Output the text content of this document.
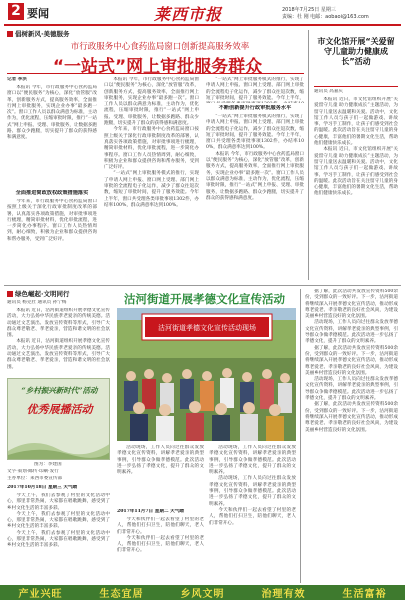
2 要闻	莱西市报	2018年7月25日 星期三
责编：杜 刚 电邮：aobaoi@163.com
倡树新风·美德服务
市行政服务中心食药监局窗口创新提高服务效率
“一站式”网上审批服务群众
记者 李洪

本报讯 今年，市行政服务中心食药监局窗口以“便民服务”为核心，深化“放管服”改革，创新服务方式，提高服务效率，全面推行网上审批服务，实现企业办事“最多跑一次”。窗口工作人员以群众满意为标准，主动作为，优化流程，压缩审批时限，推行“一站式”网上申报、受理、审批服务，让数据多跑路、群众少跑腿，切实提升了群众的获得感和满意度。

全面推进简政放权政策措施落实

今年来，市行政服务中心食药监局窗口按照上级关于深化行政审批制度改革的部署，认真落实各项政策措施，对审批事项进行梳理，精简审批材料，优化审批流程，进一步简化办事程序。窗口工作人员热情周到，耐心细致，积极为企业和群众提供咨询和帮办服务，受到广泛好评。

本报讯 今年，市行政服务中心食药监局窗口以“便民服务”为核心，深化“放管服”改革，创新服务方式，提高服务效率，全面推行网上审批服务，实现企业办事“最多跑一次”。窗口工作人员以群众满意为标准，主动作为，优化流程，压缩审批时限，推行“一站式”网上申报、受理、审批服务，让数据多跑路、群众少跑腿，切实提升了群众的获得感和满意度。

今年来，市行政服务中心食药监局窗口按照上级关于深化行政审批制度改革的部署，认真落实各项政策措施，对审批事项进行梳理，精简审批材料，优化审批流程，进一步简化办事程序。窗口工作人员热情周到，耐心细致，积极为企业和群众提供咨询和帮办服务，受到广泛好评。

“一站式”网上审批服务模式的推行，实现了申请人网上申报、窗口网上受理、部门网上审批的全流程电子化运作，减少了群众往返次数，缩短了审批时间，提升了服务效能。今年上半年，窗口共受理各类审批事项1302件，办结率100%，群众满意率达到100%。

“一站式”网上审批服务模式的推行，实现了申请人网上申报、窗口网上受理、部门网上审批的全流程电子化运作，减少了群众往返次数，缩短了审批时间，提升了服务效能。今年上半年，

不断创新提升行政审批服务水平

“一站式”网上审批服务模式的推行，实现了申请人网上申报、窗口网上受理、部门网上审批的全流程电子化运作，减少了群众往返次数，缩短了审批时间，提升了服务效能。今年上半年，窗口共受理各类审批事项1302件，办结率100%，群众满意率达到100%。

本报讯 今年，市行政服务中心食药监局窗口以“便民服务”为核心，深化“放管服”改革，创新服务方式，提高服务效率，全面推行网上审批服务，实现企业办事“最多跑一次”。窗口工作人员以群众满意为标准，主动作为，优化流程，压缩审批时限，推行“一站式”网上申报、受理、审批服务，让数据多跑路、群众少跑腿，切实提升了群众的获得感和满意度。

市文化馆开展“关爱留守儿童助力健康成长”活动
通讯员 高嘉庆

本报讯 近日，市文化馆组织开展“关爱留守儿童 助力健康成长”主题活动，为留守儿童送去温暖和关爱。活动中，文化馆工作人员与孩子们一起做游戏、讲故事、学习手工制作，让孩子们感受到社会的温暖。此次活动旨在关注留守儿童的身心健康，丰富他们的暑期文化生活，帮助他们健康快乐成长。

本报讯 近日，市文化馆组织开展“关爱留守儿童 助力健康成长”主题活动，为留守儿童送去温暖和关爱。活动中，文化馆工作人员与孩子们一起做游戏、讲故事、学习手工制作，让孩子们感受到社会的温暖。此次活动旨在关注留守儿童的身心健康，丰富他们的暑期文化生活，帮助他们健康快乐成长。

绿色崛起·文明同行
通讯员 杨克社 通讯员 孙宁梅

本报讯 近日，沽河街道组织开展孝德文化宣传活动，大力弘扬中华民族孝老爱亲的传统美德。活动通过文艺演出、发放宣传资料等形式，引导广大群众尊老敬老、孝老爱亲，营造和谐文明的社会氛围。

本报讯 近日，沽河街道组织开展孝德文化宣传活动，大力弘扬中华民族孝老爱亲的传统美德。活动通过文艺演出、发放宣传资料等形式，引导广大群众尊老敬老、孝老爱亲，营造和谐文明的社会氛围。

“乡村振兴新时代”活动
优秀展播活动
图为：李建国
文字·策划·邮传·印刷·发行
主办单位：莱西市委宣传部
2017年10月18日 星期三 天气晴

今天上午，我们去参观了村里的文化活动中心，那里非常热闹，大家都在唱歌跳舞，感受到了乡村文化生活的丰富多彩。

今天上午，我们去参观了村里的文化活动中心，那里非常热闹，大家都在唱歌跳舞，感受到了乡村文化生活的丰富多彩。

今天上午，我们去参观了村里的文化活动中心，那里非常热闹，大家都在唱歌跳舞，感受到了乡村文化生活的丰富多彩。

沽河街道开展孝德文化宣传活动
沽河街道孝德文化宣传活动现场

活动现场，工作人员向过往群众发放孝德文化宣传资料，讲解孝老爱亲的典型事例，引导群众争做孝德模范。此次活动进一步弘扬了孝德文化，提升了群众的文明素养。

2017年11月7日 星期二 天气晴

今天和伙伴们一起去看望了村里的老人，帮他们打扫卫生，陪他们聊天，老人们非常开心。

今天和伙伴们一起去看望了村里的老人，帮他们打扫卫生，陪他们聊天，老人们非常开心。

活动现场，工作人员向过往群众发放孝德文化宣传资料，讲解孝老爱亲的典型事例，引导群众争做孝德模范。此次活动进一步弘扬了孝德文化，提升了群众的文明素养。

活动现场，工作人员向过往群众发放孝德文化宣传资料，讲解孝老爱亲的典型事例，引导群众争做孝德模范。此次活动进一步弘扬了孝德文化，提升了群众的文明素养。

今天和伙伴们一起去看望了村里的老人，帮他们打扫卫生，陪他们聊天，老人们非常开心。

据了解，此次活动共发放宣传资料500余份，受到群众的一致好评。下一步，沽河街道将继续深入开展孝德文化宣传活动，推动形成尊老爱老、孝亲敬老的良好社会风尚，为建设美丽乡村营造良好的文化氛围。

活动现场，工作人员向过往群众发放孝德文化宣传资料，讲解孝老爱亲的典型事例，引导群众争做孝德模范。此次活动进一步弘扬了孝德文化，提升了群众的文明素养。

据了解，此次活动共发放宣传资料500余份，受到群众的一致好评。下一步，沽河街道将继续深入开展孝德文化宣传活动，推动形成尊老爱老、孝亲敬老的良好社会风尚，为建设美丽乡村营造良好的文化氛围。

活动现场，工作人员向过往群众发放孝德文化宣传资料，讲解孝老爱亲的典型事例，引导群众争做孝德模范。此次活动进一步弘扬了孝德文化，提升了群众的文明素养。

据了解，此次活动共发放宣传资料500余份，受到群众的一致好评。下一步，沽河街道将继续深入开展孝德文化宣传活动，推动形成尊老爱老、孝亲敬老的良好社会风尚，为建设美丽乡村营造良好的文化氛围。

产业兴旺	生态宜居	乡风文明	治理有效	生活富裕
